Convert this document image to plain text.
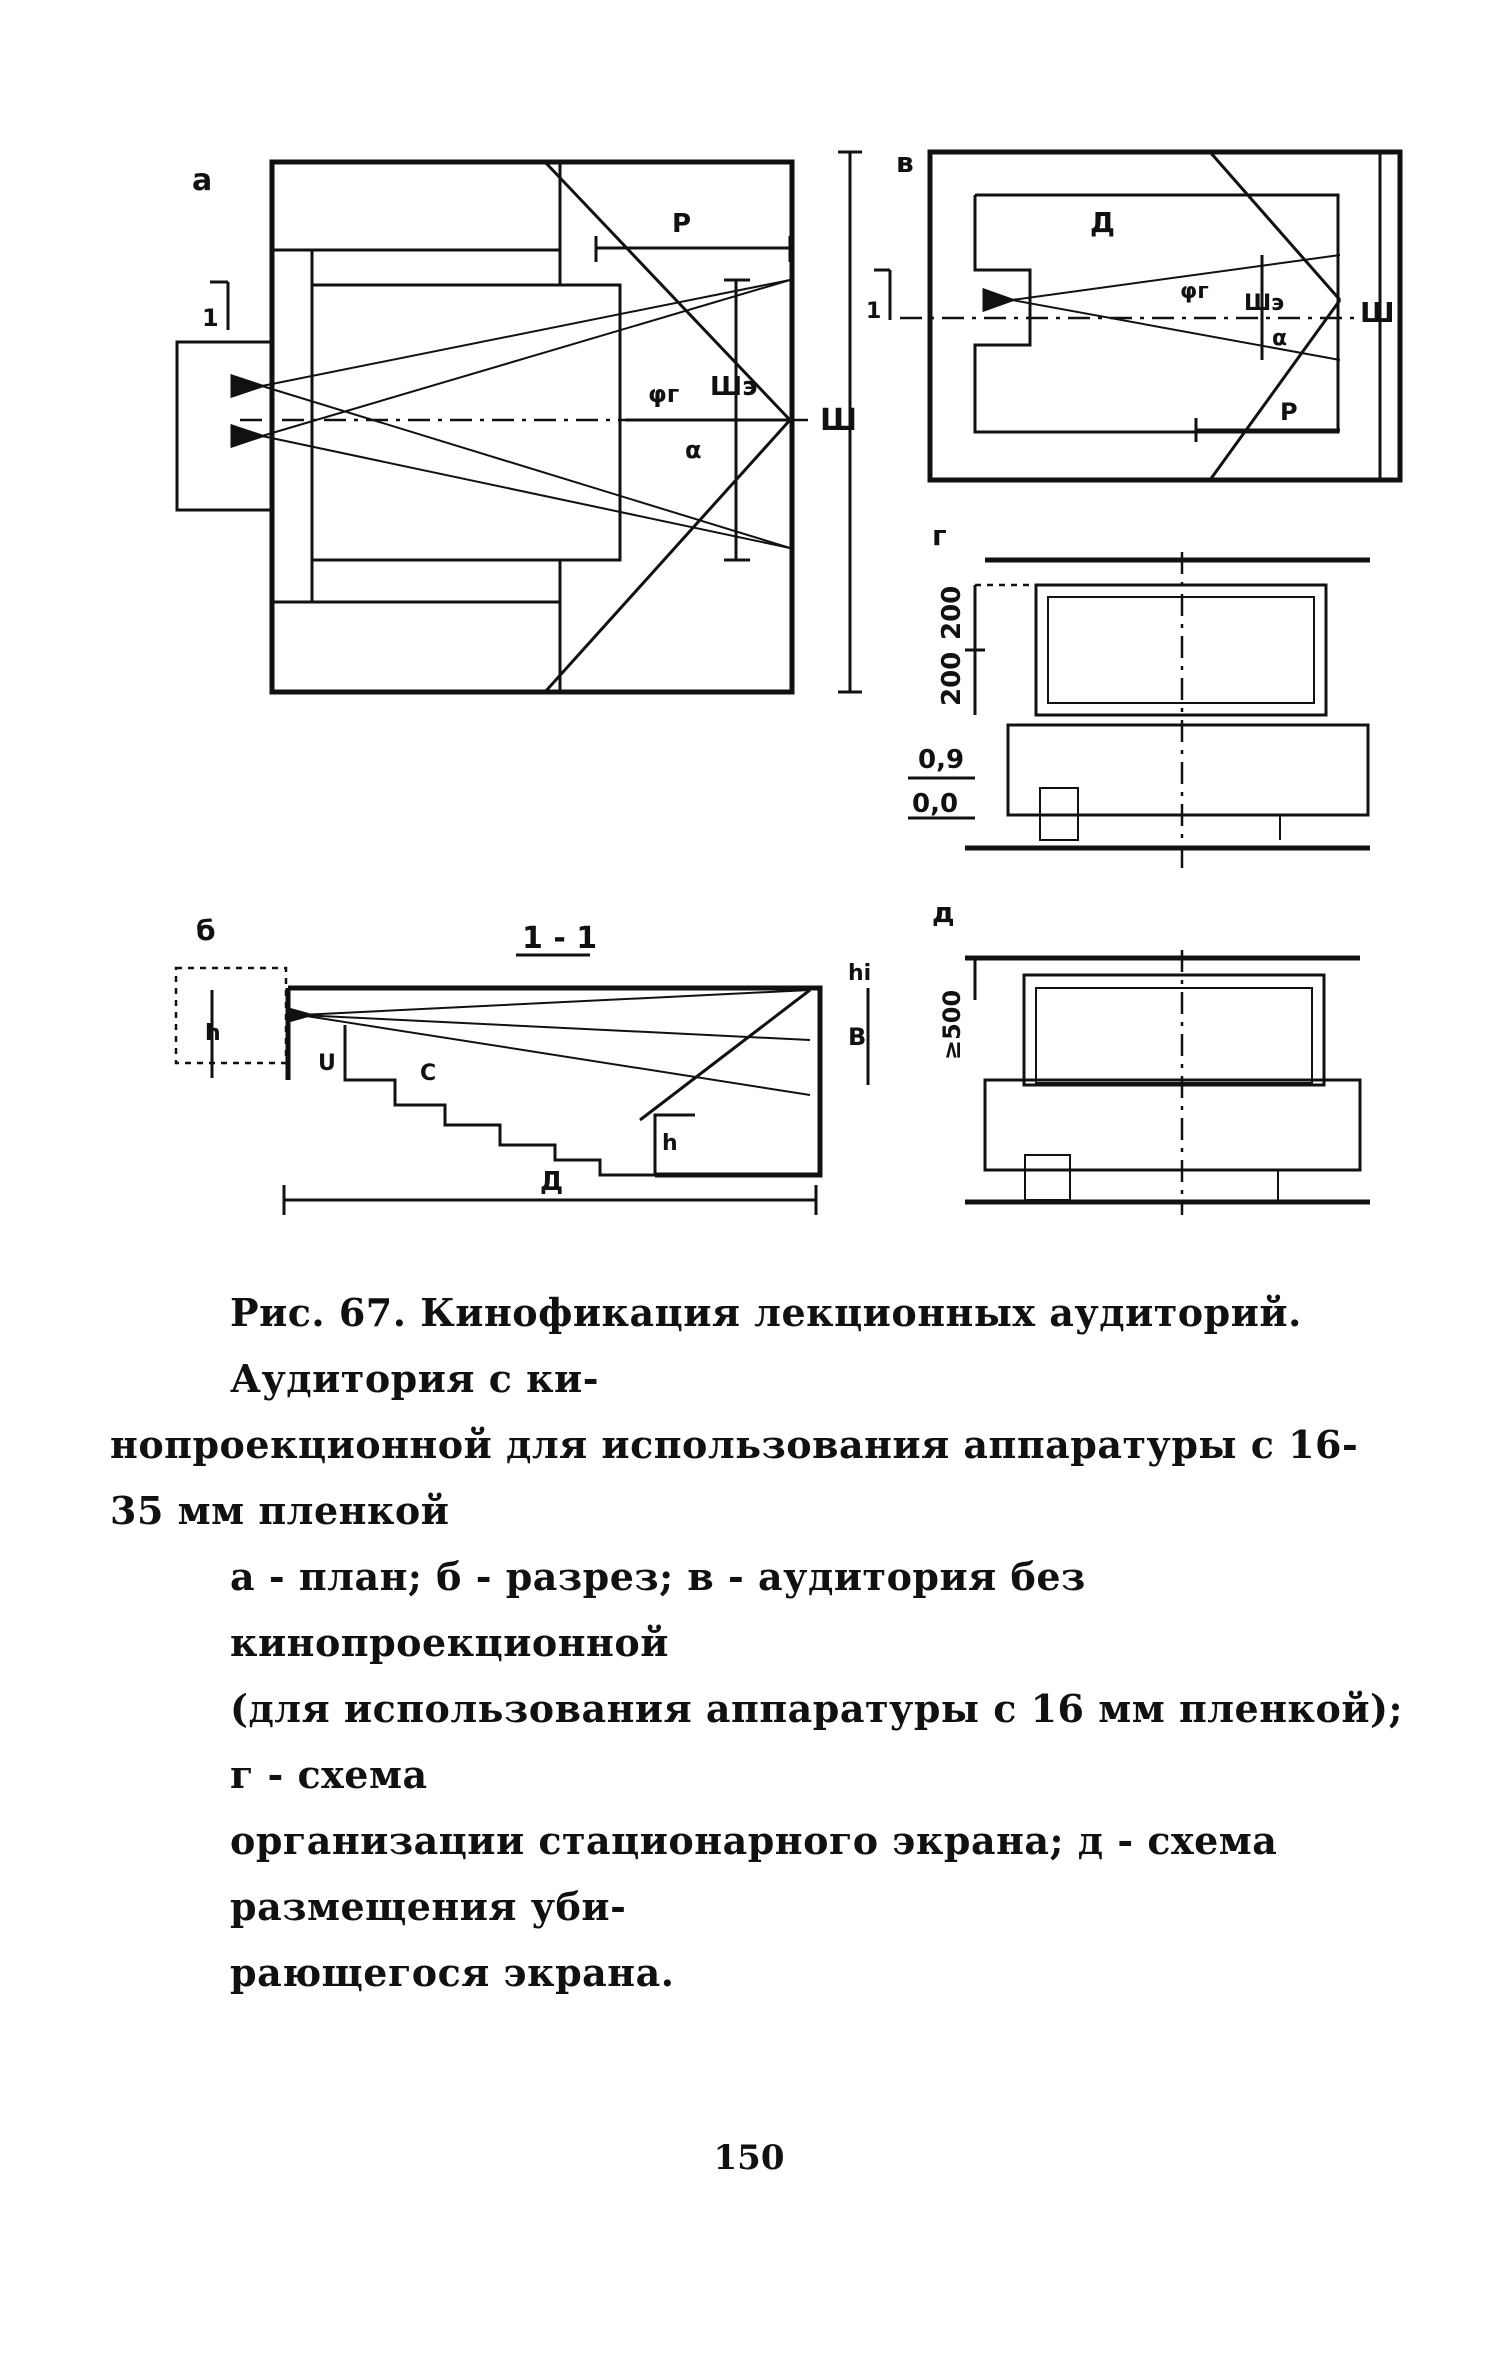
а
Шэ
P
φг
α
Ш
1
в
Д
Шэ
φг
α
P
Ш
1
г
200
200
0,9
0,0
б	1 - 1
U	C
h
h	B
hi
Д
д
≥500

Рис. 67. Кинофикация лекционных аудиторий. Аудитория с ки-

нопроекционной для использования аппаратуры с 16-35 мм пленкой

а - план; б - разрез; в - аудитория без кинопроекционной

(для использования аппаратуры с 16 мм пленкой); г - схема

организации стационарного экрана; д - схема размещения уби-

рающегося экрана.

150
